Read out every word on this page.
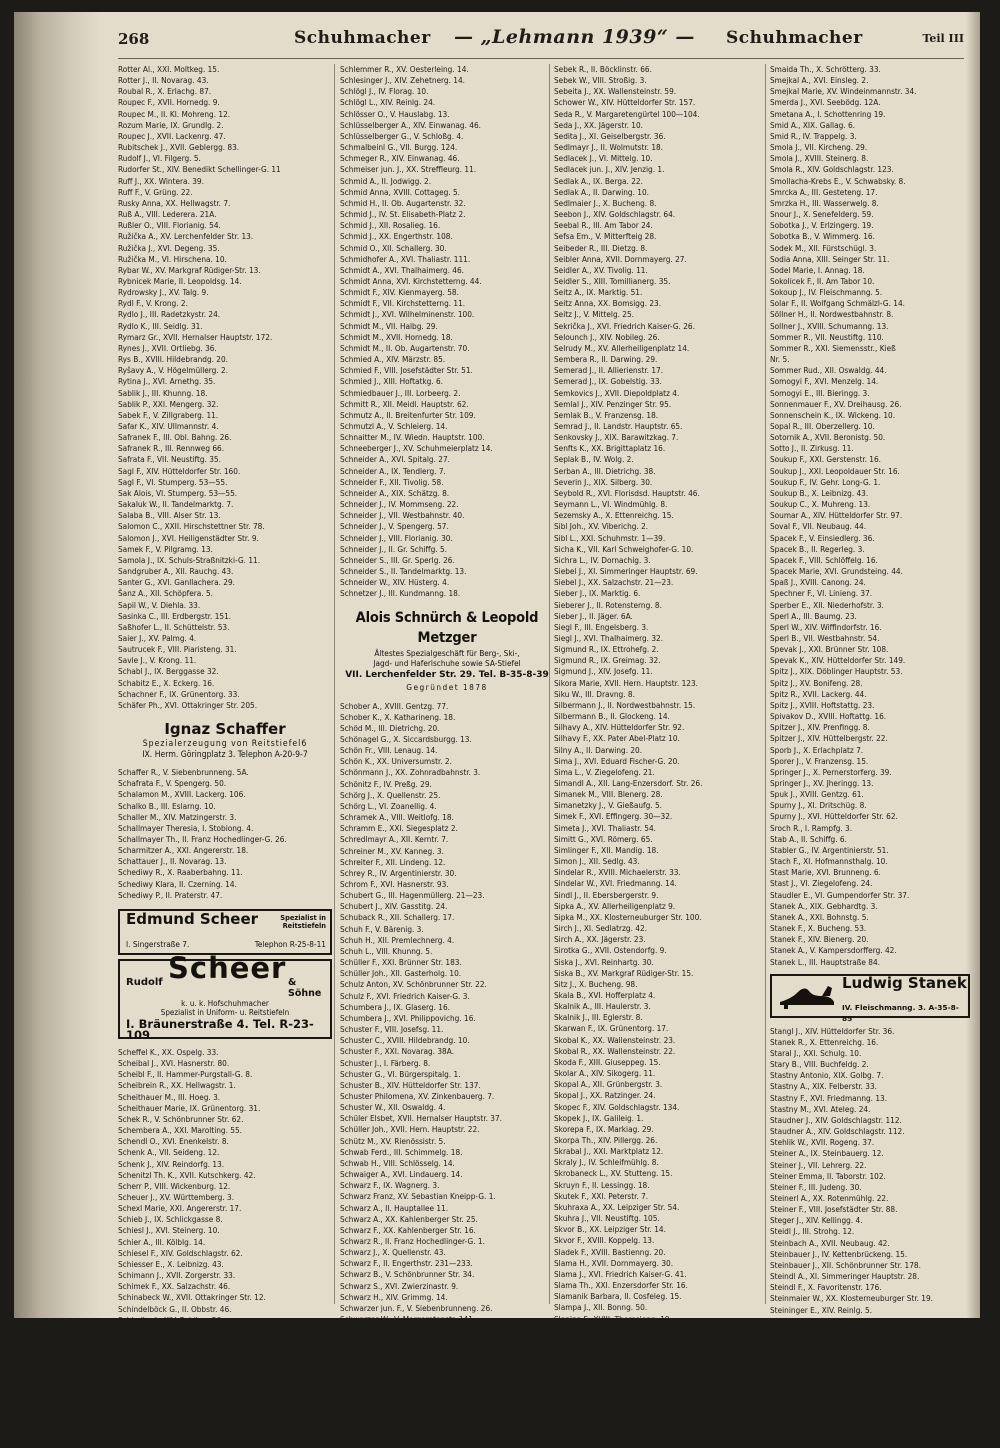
268	Schuhmacher — „Lehmann 1939“ — Schuhmacher	Teil III
Rotter Al., XXI. Moltkeg. 15.
Rotter J., II. Novarag. 43.
Roubal R., X. Erlachg. 87.
Roupec F., XVII. Hornedg. 9.
Roupec M., II. Kl. Mohreng. 12.
Rozum Marie, IX. Grundlg. 2.
Roupec J., XVII. Lackenrg. 47.
Rubitschek J., XVII. Geblergg. 83.
Rudolf J., VI. Filgerg. 5.
Rudorfer St., XIV. Benedikt Schellinger-G. 11
Ruff J., XX. Wintera. 39.
Ruff F., V. Grüng. 22.
Rusky Anna, XX. Hellwagstr. 7.
Ruß A., VIII. Lederera. 21A.
Rußler O., VIII. Florianig. 54.
Ružička A., XV. Lerchenfelder Str. 13.
Ružička J., XVI. Degeng. 35.
Ružička M., VI. Hirschena. 10.
Rybar W., XV. Markgraf Rüdiger-Str. 13.
Rybnicek Marie, II. Leopoldsg. 14.
Rydrowsky J., XV. Talg. 9.
Rydl F., V. Krong. 2.
Rydlo J., III. Radetzkystr. 24.
Rydlo K., III. Seidlg. 31.
Rymarz Gr., XVII. Hernalser Hauptstr. 172.
Rynes J., XVII. Ortliebg. 36.
Rys B., XVIII. Hildebrandg. 20.
Ryšavy A., V. Högelmüllerg. 2.
Rytina J., XVI. Arnethg. 35.
Sablik J., III. Khunng. 18.
Sablik P., XXI. Mengerg. 32.
Sabek F., V. Zillgraberg. 11.
Safar K., XIV. Ullmannstr. 4.
Safranek F., III. Obl. Bahng. 26.
Safranek R., III. Rennweg 66.
Safrata F., VII. Neustiftg. 35.
Sagl F., XIV. Hütteldorfer Str. 160.
Sagl F., VI. Stumperg. 53—55.
Sak Alois, VI. Stumperg. 53—55.
Sakaluk W., II. Tandelmarktg. 7.
Salaba B., VIII. Alser Str. 13.
Salomon C., XXII. Hirschstettner Str. 78.
Salomon J., XVI. Heiligenstädter Str. 9.
Samek F., V. Pilgramg. 13.
Samola J., IX. Schuls-Straßnitzki-G. 11.
Sandgruber A., XII. Rauchg. 43.
Santer G., XVI. Ganllachera. 29.
Šanz A., XII. Schöpfera. 5.
Sapil W., V. Diehla. 33.
Sasinka C., III. Erdbergstr. 151.
Saßhofer L., II. Schüttelstr. 53.
Saier J., XV. Palmg. 4.
Sautrucek F., VIII. Piaristeng. 31.
Savle J., V. Krong. 11.
Schabl J., IX. Berggasse 32.
Schabitz E., X. Eckerg. 16.
Schachner F., IX. Grünentorg. 33.
Schäfer Ph., XVI. Ottakringer Str. 205.
Ignaz Schaffer
Spezialerzeugung von Reitstiefel6
IX. Herm. Göringplatz 3. Telephon A-20-9-7
Schaffer R., V. Siebenbrunneng. 5A.
Schafrata F., V. Spengerg. 50.
Schalamon M., XVIII. Lackerg. 106.
Schalko B., III. Eslarng. 10.
Schaller M., XIV. Matzingerstr. 3.
Schallmayer Theresia, I. Stobiong. 4.
Schallmayer Th., II. Franz Hochedlinger-G. 26.
Scharmitzer A., XXI. Angererstr. 18.
Schattauer J., II. Novarag. 13.
Schediwy R., X. Raaberbahng. 11.
Schediwy Klara, II. Czerning. 14.
Schediwy P., II. Praterstr. 47.
Edmund Scheer	Spezialist in Reitstiefeln
I. Singerstraße 7.	Telephon R-25-8-11
Rudolf Scheer & Söhne
k. u. k. Hofschuhmacher
Spezialist in Uniform- u. Reitstiefeln
I. Bräunerstraße 4. Tel. R-23-109
Scheffel K., XX. Ospelg. 33.
Scheibal J., XVI. Hasnerstr. 80.
Scheibl F., II. Hammer-Purgstall-G. 8.
Scheibrein R., XX. Hellwagstr. 1.
Scheithauer M., III. Hoeg. 3.
Scheithauer Marie, IX. Grünentorg. 31.
Schek R., V. Schönbrunner Str. 62.
Schembera A., XXI. Marolting. 55.
Schendl O., XVI. Enenkelstr. 8.
Schenk A., VII. Seideng. 12.
Schenk J., XIV. Reindorfg. 13.
Schenitzl Th. K., XVII. Kutschkerg. 42.
Scherr P., VIII. Wickenburg. 12.
Scheuer J., XV. Württemberg. 3.
Schexl Marie, XXI. Angererstr. 17.
Schieb J., IX. Schlickgasse 8.
Schiesl J., XVI. Steinerg. 10.
Schier A., III. Kölblg. 14.
Schiesel F., XIV. Goldschlagstr. 62.
Schiesser E., X. Leibnizg. 43.
Schimann J., XVII. Zorgerstr. 33.
Schimek F., XX. Salzachstr. 46.
Schinabeck W., XVII. Ottakringer Str. 12.
Schindelböck G., II. Obbstr. 46.
Schindler J., XIV. Robileg. 26.
Schirlbauer A., XXI. Linnég. 8.
Schirmbeck J., II. Engerthstr. 183.
Schlager A., VIII. Josefstädter Str. 68.
Schlemmer R., XV. Oesterleing. 14.
Schlesinger J., XIV. Zehetnerg. 14.
Schlögl J., IV. Florag. 10.
Schlögl L., XIV. Reinlg. 24.
Schlösser O., V. Hauslabg. 13.
Schlüsselberger A., XIV. Einwanag. 46.
Schlüsselberger G., V. Schloßg. 4.
Schmalbeinl G., VII. Burgg. 124.
Schmeger R., XIV. Einwanag. 46.
Schmeiser jun. J., XX. Streffleurg. 11.
Schmid A., II. Jodwigg. 2.
Schmid Anna, XVIII. Cottageg. 5.
Schmid H., II. Ob. Augartenstr. 32.
Schmid J., IV. St. Elisabeth-Platz 2.
Schmid J., XII. Rosalieg. 16.
Schmid J., XX. Engerthstr. 108.
Schmid O., XII. Schallerg. 30.
Schmidhofer A., XVI. Thaliastr. 111.
Schmidt A., XVI. Thalhaimerg. 46.
Schmidt Anna, XVI. Kirchstetterng. 44.
Schmidt F., XIV. Kienmayerg. 58.
Schmidt F., VII. Kirchstetterng. 11.
Schmidt J., XVI. Wilhelminenstr. 100.
Schmidt M., VII. Halbg. 29.
Schmidt M., XVII. Hornedg. 18.
Schmidt M., II. Ob. Augartenstr. 70.
Schmied A., XIV. Märzstr. 85.
Schmied F., VIII. Josefstädter Str. 51.
Schmied J., XIII. Hoftatkg. 6.
Schmiedbauer J., III. Lorbeerg. 2.
Schmitt R., XII. Meidl. Hauptstr. 62.
Schmutz A., II. Breitenfurter Str. 109.
Schmutzl A., V. Schleierg. 14.
Schnaitter M., IV. Wiedn. Hauptstr. 100.
Schneeberger J., XV. Schuhmeierplatz 14.
Schneider A., XVI. Spitalg. 27.
Schneider A., IX. Tendlerg. 7.
Schneider F., XII. Tivolig. 58.
Schneider A., XIX. Schätzg. 8.
Schneider J., IV. Mommseng. 22.
Schneider J., VII. Westbahnstr. 40.
Schneider J., V. Spengerg. 57.
Schneider J., VIII. Florianig. 30.
Schneider J., II. Gr. Schiffg. 5.
Schneider S., III. Gr. Sperlg. 26.
Schneider S., II. Tandelmarktg. 13.
Schneider W., XIV. Hüsterg. 4.
Schnetzer J., III. Kundmanng. 18.
Alois Schnürch & Leopold Metzger
Ältestes Spezialgeschäft für Berg-, Ski-,
Jagd- und Haferlschuhe sowie SA-Stiefel
VII. Lerchenfelder Str. 29. Tel. B-35-8-39
Gegründet 1878
Schober A., XVIII. Gentzg. 77.
Schober K., X. Katharineng. 18.
Schöd M., III. Dietrichg. 20.
Schönagel G., X. Siccardsburgg. 13.
Schön Fr., VIII. Lenaug. 14.
Schön K., XX. Universumstr. 2.
Schönmann J., XX. Zohnradbahnstr. 3.
Schönitz F., IV. Preßg. 29.
Schörg J., X. Quellenstr. 25.
Schörg L., VI. Zoanellig. 4.
Schramek A., VIII. Weitlofg. 18.
Schramm E., XXI. Siegesplatz 2.
Schredlmayr A., XII. Kerntr. 7.
Schreiner M., XV. Kanneg. 3.
Schreiter F., XII. Lindeng. 12.
Schrey R., IV. Argentinierstr. 30.
Schrom F., XVI. Hasnerstr. 93.
Schubert G., III. Hagenmüllerg. 21—23.
Schubert J., XIV. Gasstitg. 24.
Schuback R., XII. Schallerg. 17.
Schuh F., V. Bärenig. 3.
Schuh H., XII. Premlechnerg. 4.
Schuh L., VIII. Khunng. 5.
Schüller F., XXI. Brünner Str. 183.
Schüller Joh., XII. Gasterholg. 10.
Schulz Anton, XV. Schönbrunner Str. 22.
Schulz F., XVI. Friedrich Kaiser-G. 3.
Schumbera J., IX. Glaserg. 16.
Schumbera J., XVI. Philippovichg. 16.
Schuster F., VIII. Josefsg. 11.
Schuster C., XVIII. Hildebrandg. 10.
Schuster F., XXI. Novarag. 38A.
Schuster J., I. Färberg. 8.
Schuster G., VI. Bürgerspitalg. 1.
Schuster B., XIV. Hütteldorfer Str. 137.
Schuster Philomena, XV. Zinkenbauerg. 7.
Schuster W., XII. Oswaldg. 4.
Schüler Elsbet, XVII. Hernalser Hauptstr. 37.
Schüller Joh., XVII. Hern. Hauptstr. 22.
Schütz M., XV. Rienössistr. 5.
Schwab Ferd., III. Schimmelg. 18.
Schwab H., VIII. Schlösselg. 14.
Schwaiger A., XVI. Lindauerg. 14.
Schwarz F., IX. Wagnerg. 3.
Schwarz Franz, XV. Sebastian Kneipp-G. 1.
Schwarz A., II. Hauptallee 11.
Schwarz A., XX. Kahlenberger Str. 25.
Schwarz F., XX. Kahlenberger Str. 16.
Schwarz R., II. Franz Hochedlinger-G. 1.
Schwarz J., X. Quellenstr. 43.
Schwarz F., II. Engerthstr. 231—233.
Schwarz B., V. Schönbrunner Str. 34.
Schwarz S., XVI. Zwierzinastr. 9.
Schwarz H., XIV. Grimmg. 14.
Schwarzer jun. F., V. Siebenbrunneng. 26.
Schwarzer W., V. Margaretenstr. 141.
Schwarzkopf M., VI. Hofmühlg. 2.
Schweda W., XX. Gerhardusg. 33.
Schweickart A., XVI. Thaliastr. 48.
Schwarzl A., IV. Klagbaumg. 3.
Schweiger F., VII. Schottenfeldg. 74.
Schweiger F., XVI. Mutlingerg. 41.
Schweiz J., XVI. Habichstg. 13.
Schwerhard J., I. Sellerg. 19.
Schwerin J., IX. Währinger Gürtel 162.
Schwind A., XVIII. Gentzg. 4.
Sebek F., XIX. Heiligenstädter Str. 79.
Sebek R., II. Böcklinstr. 66.
Sebek W., VIII. Stroßig. 3.
Sebeita J., XX. Wallensteinstr. 59.
Schower W., XIV. Hütteldorfer Str. 157.
Seda R., V. Margaretengürtel 100—104.
Seda J., XX. Jägerstr. 10.
Sedita J., XI. Geiselbergstr. 36.
Sedlmayr J., II. Wolmutstr. 18.
Sedlacek J., VI. Mittelg. 10.
Sedlacek jun. J., XIV. Jenzig. 1.
Sedlak A., IX. Berga. 22.
Sedlak A., II. Darwing. 10.
Sedlmaier J., X. Bucheng. 8.
Seebon J., XIV. Goldschlagstr. 64.
Seebal R., III. Am Tabor 24.
Sefsa Em., V. Mitterfteig 28.
Seibeder R., III. Dietzg. 8.
Seibler Anna, XVII. Dornmayerg. 27.
Seidler A., XV. Tivolig. 11.
Seidler S., XIII. Tomillianerg. 35.
Seitz A., IX. Marktig. 51.
Seitz Anna, XX. Bomsigg. 23.
Seitz J., V. Mittelg. 25.
Sekrička J., XVI. Friedrich Kaiser-G. 26.
Selounch J., XIV. Nobileg. 26.
Selrudy M., XV. Allerheiligenplatz 14.
Sembera R., II. Darwing. 29.
Semerad J., II. Allierienstr. 17.
Semerad J., IX. Gobelstig. 33.
Semkovics J., XVII. Diepoldplatz 4.
Semlal J., XIV. Penzinger Str. 95.
Semlak B., V. Franzensg. 18.
Semrad J., II. Landstr. Hauptstr. 65.
Senkovsky J., XIX. Barawitzkag. 7.
Senfts K., XX. Brigittaplatz 16.
Seplak B., IV. Wolg. 2.
Serban A., III. Dietrichg. 38.
Severin J., XIX. Silberg. 30.
Seybold R., XVI. Florisdsd. Hauptstr. 46.
Seymann L., VI. Windmühlg. 8.
Sezemsky A., X. Ettenreichg. 15.
Sibl Joh., XV. Viberichg. 2.
Sibl L., XXI. Schuhmstr. 1—39.
Sicha K., VII. Karl Schweighofer-G. 10.
Sichra L., IV. Dornachig. 3.
Siebel J., XI. Simmeringer Hauptstr. 69.
Siebel J., XX. Salzachstr. 21—23.
Sieber J., IX. Marktig. 6.
Sieberer J., II. Rotensterng. 8.
Sieber J., II. Jäger. 6A.
Siegl F., III. Engelsberg. 3.
Siegl J., XVI. Thalhaimerg. 32.
Sigmund R., IX. Ettrohefg. 2.
Sigmund R., IX. Greimag. 32.
Sigmund J., XIV. Josefg. 11.
Sikora Marie, XVII. Hern. Hauptstr. 123.
Siku W., III. Dravng. 8.
Silbermann J., II. Nordwestbahnstr. 15.
Silbermann B., II. Glockeng. 14.
Silhavy A., XIV. Hütteldorfer Str. 92.
Silhavy F., XX. Pater Abel-Platz 10.
Silny A., II. Darwing. 20.
Sima J., XVI. Eduard Fischer-G. 20.
Sima L., V. Ziegelofeng. 21.
Simandl A., XII. Lang-Enzersdorf. Str. 26.
Simanek M., VIII. Blenerg. 28.
Simanetzky J., V. Gießaufg. 5.
Simek F., XVI. Effingerg. 30—32.
Simeta J., XVI. Thaliastr. 54.
Simitt G., XVI. Römerg. 65.
Simlinger F., XII. Mandig. 18.
Simon J., XII. Sedlg. 43.
Sindelar R., XVIII. Michaelerstr. 33.
Sindelar W., XVI. Friedmanng. 14.
Sindl J., II. Ebersbergerstr. 9.
Sipka A., XV. Allerheiligenplatz 9.
Sipka M., XX. Klosterneuburger Str. 100.
Sirch J., XI. Sedlatrzg. 42.
Sirch A., XX. Jägerstr. 23.
Sirotka G., XVII. Ostendorfg. 9.
Siska J., XVI. Reinhartg. 30.
Siska B., XV. Markgraf Rüdiger-Str. 15.
Sitz J., X. Bucheng. 98.
Skala B., XVI. Hofferplatz 4.
Skalnik A., III. Haulerstr. 3.
Skalnik J., III. Eglerstr. 8.
Skarwan F., IX. Grünentorg. 17.
Skobal K., XX. Wallensteinstr. 23.
Skobal R., XX. Wallensteinstr. 22.
Skoda F., XIII. Giuseppeg. 15.
Skolar A., XIV. Sikogerg. 11.
Skopal A., XII. Grünbergstr. 3.
Skopal J., XX. Ratzinger. 24.
Skopec F., XIV. Goldschlagstr. 134.
Skopek J., IX. Galileig. 1.
Skorepa F., IX. Markiag. 29.
Skorpa Th., XIV. Pillergg. 26.
Skrabal J., XXI. Marktplatz 12.
Skraly J., IV. Schleifmühlg. 8.
Skrobaneck L., XV. Stutteng. 15.
Skruyn F., II. Lessingg. 18.
Skutek F., XXI. Peterstr. 7.
Skuhraxa A., XX. Leipziger Str. 54.
Skuhra J., VII. Neustiftg. 105.
Skvor B., XX. Leipziger Str. 14.
Skvor F., XVIII. Koppelg. 13.
Sladek F., XVIII. Bastienng. 20.
Slama H., XVII. Dornmayerg. 30.
Slama J., XVI. Friedrich Kaiser-G. 41.
Slama Th., XXI. Enzersdorfer Str. 16.
Slamanik Barbara, II. Cosfeleg. 15.
Slampa J., XII. Bonng. 50.
Slanina F., XVIII. Theresieng. 19.
Slavicek F., V. Hauslabg. 16.
Slavik J., XIV. Reinlg. 11.
Slavik J., X. Erlachg. 112.
Slavik M., IX. Schwarzspanierstr. 15.
Slavik W., VI. Luftbadg. 15.
Slechta A., II. Nordwestbahnstr. 4.
Slechta J., XII. Aßmayerg. 24.
Slanecek A., XX. Wallensteinstr. 28.
Smaida Th., X. Schrötterg. 33.
Smejkal A., XVI. Einsleg. 2.
Smejkal Marie, XV. Windeinmannstr. 34.
Smerda J., XVI. Seebödg. 12A.
Smetana A., I. Schottenring 19.
Smid A., XIX. Gallag. 6.
Smid R., IV. Trappelg. 3.
Smola J., VII. Kircheng. 29.
Smola J., XVIII. Steinerg. 8.
Smola R., XIV. Goldschlagstr. 123.
Smollacha-Krebs E., V. Schwabsky. 8.
Smrcka A., III. Gesteteng. 17.
Smrzka H., III. Wasserwelg. 8.
Snour J., X. Senefelderg. 59.
Sobotka J., V. Erlzingerg. 19.
Sobotka B., V. Wimmerg. 16.
Sodek M., XII. Fürstschügl. 3.
Sodia Anna, XIII. Seinger Str. 11.
Sodel Marie, I. Annag. 18.
Sokolicek F., II. Am Tabor 10.
Sokoup J., IV. Fleischmanng. 5.
Solar F., II. Wolfgang Schmälzl-G. 14.
Söllner H., II. Nordwestbahnstr. 8.
Sollner J., XVIII. Schumanng. 13.
Sommer R., VII. Neustiftg. 110.
Sommer R., XXI. Siemensstr., Kieß
Nr. 5.
Sommer Rud., XII. Oswaldg. 44.
Somogyi F., XVI. Menzelg. 14.
Somogyi E., III. Bieringg. 3.
Sonnenmauer F., XV. Dreihausg. 26.
Sonnenschein K., IX. Wickeng. 10.
Sopal R., III. Oberzellerg. 10.
Sotornik A., XVII. Beronistg. 50.
Sotto J., II. Zirkusg. 11.
Soukup F., XXI. Gerstenstr. 16.
Soukup J., XXI. Leopoldauer Str. 16.
Soukup F., IV. Gehr. Long-G. 1.
Soukup B., X. Leibnizg. 43.
Soukup C., X. Muhreng. 13.
Soumar A., XIV. Hütteldorfer Str. 97.
Soval F., VII. Neubaug. 44.
Spacek F., V. Einsiedlerg. 36.
Spacek B., II. Regerleg. 3.
Spacek F., VIII. Schlöffelg. 16.
Spacek Marie, XVI. Grundsteing. 44.
Spaß J., XVIII. Canong. 24.
Spechner F., VI. Linieng. 37.
Sperber E., XII. Niederhofstr. 3.
Sperl A., III. Baumg. 23.
Sperl W., XIV. Wiffindorfstr. 16.
Sperl B., VII. Westbahnstr. 54.
Spevak J., XXI. Brünner Str. 108.
Spevak K., XIV. Hütteldorfer Str. 149.
Spitz J., XIX. Döblinger Hauptstr. 53.
Spitz J., XV. Bonifeng. 28.
Spitz R., XVII. Lackerg. 44.
Spitz J., XVIII. Hoftstattg. 23.
Spivakov D., XVIII. Hoftattg. 16.
Spitzer J., XIV. Prenfingg. 8.
Spitzer J., XIV. Hüttelbergstr. 22.
Sporb J., X. Erlachplatz 7.
Sporer J., V. Franzensg. 15.
Springer J., X. Pernerstorferg. 39.
Springer J., XV. Jheringg. 13.
Spuk J., XVIII. Gentzg. 61.
Spurny J., XI. Dritschüg. 8.
Spurny J., XVI. Hütteldorfer Str. 62.
Sroch R., I. Rampfg. 3.
Stab A., II. Schiffg. 6.
Stabler G., IV. Argentinierstr. 51.
Stach F., XI. Hofmannsthalg. 10.
Stast Marie, XVI. Brunneng. 6.
Stast J., VI. Ziegelofeng. 24.
Staudler E., VI. Gumpendorfer Str. 37.
Stanek A., XIX. Gebhardtg. 3.
Stanek A., XXI. Bohnstg. 5.
Stanek F., X. Bucheng. 53.
Stanek F., XIV. Bienerg. 20.
Stanek A., V. Kampersdorfferg. 42.
Stanek L., III. Hauptstraße 84.
Ludwig Stanek
IV. Fleischmanng. 3. A-35-8-85
Stangl J., XIV. Hütteldorfer Str. 36.
Stanek R., X. Ettenreichg. 16.
Staral J., XXI. Schulg. 10.
Stary B., VIII. Buchfeldg. 2.
Stastny Antonio, XIX. Golbg. 7.
Stastny A., XIX. Felberstr. 33.
Stastny F., XVI. Friedmanng. 13.
Stastny M., XVI. Ateleg. 24.
Staudner J., XIV. Goldschlagstr. 112.
Staudner A., XIV. Goldschlagstr. 112.
Stehlik W., XVII. Rogeng. 37.
Steiner A., IX. Steinbauerg. 12.
Steiner J., VII. Lehrerg. 22.
Steiner Emma, II. Taborstr. 102.
Steiner F., III. Judeng. 30.
Steinerl A., XX. Rotenmühlg. 22.
Steiner F., VIII. Josefstädter Str. 88.
Steger J., XIV. Kellingg. 4.
Steidl J., III. Strohg. 12.
Steinbach A., XVII. Neubaug. 42.
Steinbauer J., IV. Kettenbrückeng. 15.
Steinbauer J., XII. Schönbrunner Str. 178.
Steindl A., XI. Simmeringer Hauptstr. 28.
Steindl F., X. Favoritenstr. 176.
Steinmaier W., XX. Klosterneuburger Str. 19.
Steininger E., XIV. Reinlg. 5.
Steininger F., IX. Ascherg. 29.
Steininger E., XIX. Hohenaug. 21.
Steininger J., XVIII. Spittelbreiteng. 16.
Steinwender F., IV. Klagbaumg. 4.
Stejskal A., XVIII. Kurzg. 9.
Stejskal J., XX. Rauscherstr. 37.
Stejskal J., X. Schrötterg. 5.
